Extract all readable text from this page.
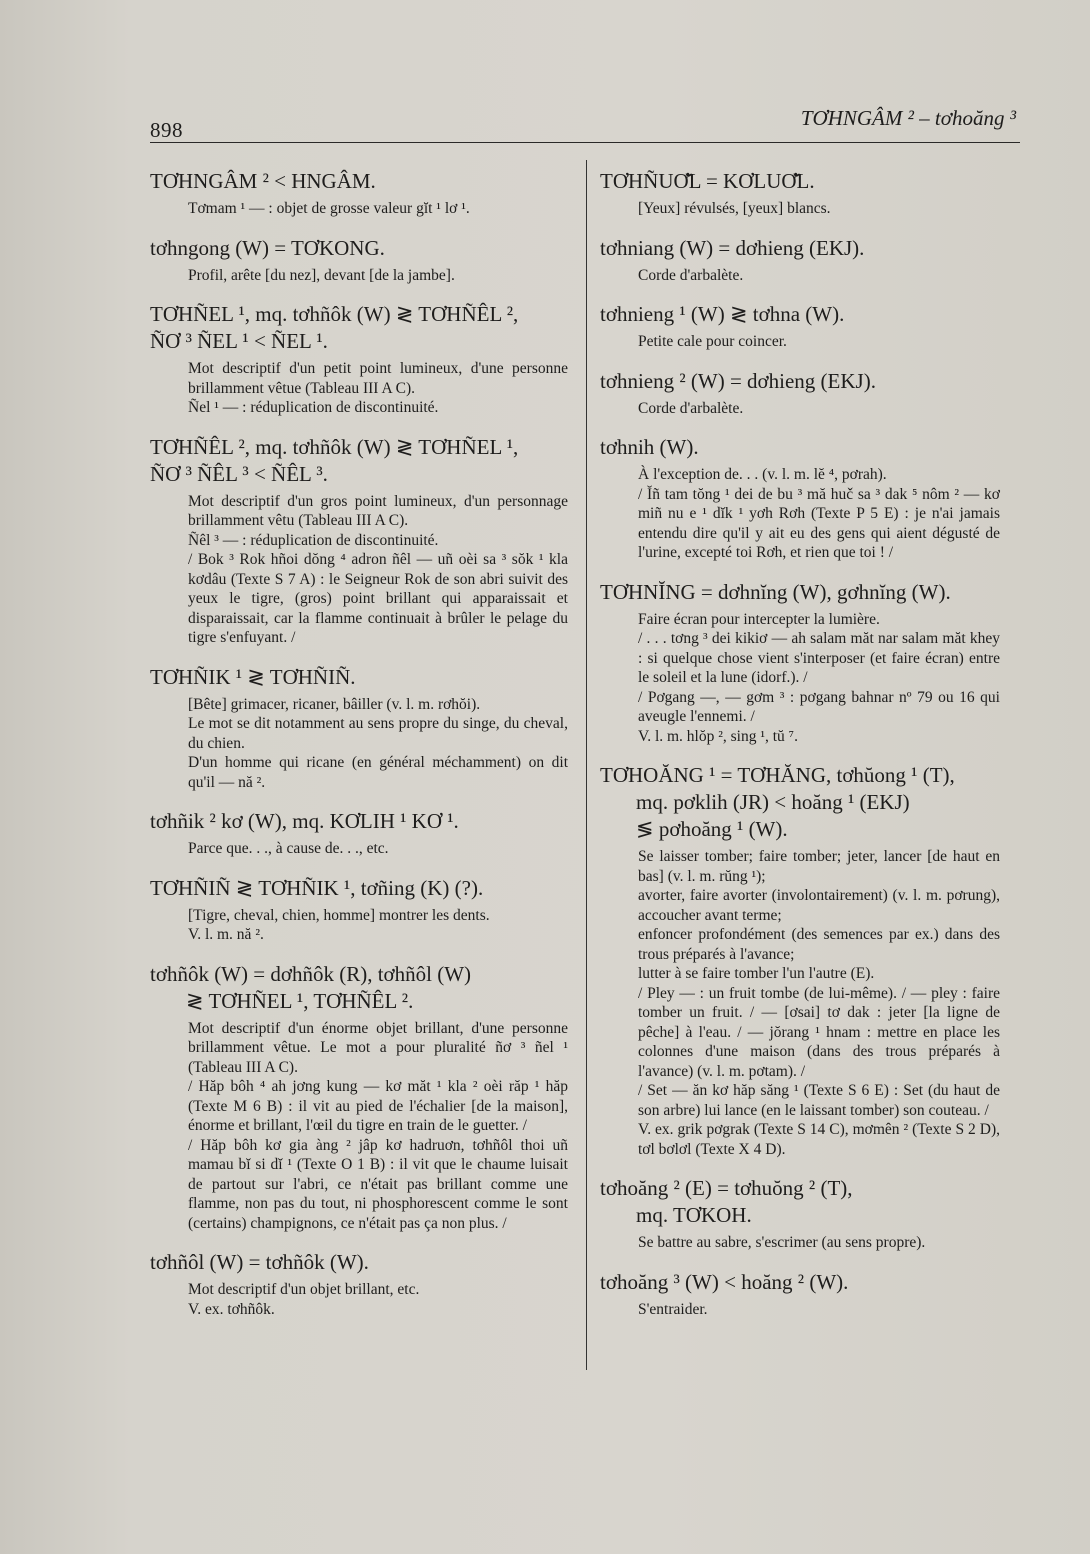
898	TƠHNGÂM ² – tơhoăng ³

TƠHNGÂM ² < HNGÂM.

Tơmam ¹ — : objet de grosse valeur gĭt ¹ lơ ¹.

tơhngong (W) = TƠKONG.

Profil, arête [du nez], devant [de la jambe].

TƠHÑEL ¹, mq. tơhñôk (W) ≷ TƠHÑÊL ²,

ÑƠ ³ ÑEL ¹ < ÑEL ¹.

Mot descriptif d'un petit point lumineux, d'une personne brillamment vêtue (Tableau III A C).

Ñel ¹ — : réduplication de discontinuité.

TƠHÑÊL ², mq. tơhñôk (W) ≷ TƠHÑEL ¹,

ÑƠ ³ ÑÊL ³ < ÑÊL ³.

Mot descriptif d'un gros point lumineux, d'un personnage brillamment vêtu (Tableau III A C).

Ñêl ³ — : réduplication de discontinuité.

/ Bok ³ Rok hñoi dŏng ⁴ adron ñêl — uñ oèi sa ³ sŏk ¹ kla kơdâu (Texte S 7 A) : le Seigneur Rok de son abri suivit des yeux le tigre, (gros) point brillant qui apparaissait et disparaissait, car la flamme continuait à brûler le pelage du tigre s'enfuyant. /

TƠHÑIK ¹ ≷ TƠHÑIÑ.

[Bête] grimacer, ricaner, bâiller (v. l. m. rơhŏi).

Le mot se dit notamment au sens propre du singe, du cheval, du chien.

D'un homme qui ricane (en général méchamment) on dit qu'il — nă ².

tơhñik ² kơ (W), mq. KƠLIH ¹ KƠ ¹.

Parce que. . ., à cause de. . ., etc.

TƠHÑIÑ ≷ TƠHÑIK ¹, tơñing (K) (?).

[Tigre, cheval, chien, homme] montrer les dents.

V. l. m. nă ².

tơhñôk (W) = dơhñôk (R), tơhñôl (W)

≷ TƠHÑEL ¹, TƠHÑÊL ².

Mot descriptif d'un énorme objet brillant, d'une personne brillamment vêtue. Le mot a pour pluralité ñơ ³ ñel ¹ (Tableau III A C).

/ Hăp bôh ⁴ ah jơng kung — kơ măt ¹ kla ² oèi răp ¹ hăp (Texte M 6 B) : il vit au pied de l'échalier [de la maison], énorme et brillant, l'œil du tigre en train de le guetter. /

/ Hăp bôh kơ gia àng ² jâp kơ hadruơn, tơhñôl thoi uñ mamau bĭ si dĭ ¹ (Texte O 1 B) : il vit que le chaume luisait de partout sur l'abri, ce n'était pas brillant comme une flamme, non pas du tout, ni phosphorescent comme le sont (certains) champignons, ce n'était pas ça non plus. /

tơhñôl (W) = tơhñôk (W).

Mot descriptif d'un objet brillant, etc.

V. ex. tơhñôk.

TƠHÑUƠ̆L = KƠLUƠ̆L.

[Yeux] révulsés, [yeux] blancs.

tơhniang (W) = dơhieng (EKJ).

Corde d'arbalète.

tơhnieng ¹ (W) ≷ tơhna (W).

Petite cale pour coincer.

tơhnieng ² (W) = dơhieng (EKJ).

Corde d'arbalète.

tơhnih (W).

À l'exception de. . . (v. l. m. lĕ ⁴, pơrah).

/ Ĭñ tam tŏng ¹ dei de bu ³ mă huč sa ³ dak ⁵ nôm ² — kơ miñ nu e ¹ dĭk ¹ yơh Rơh (Texte P 5 E) : je n'ai jamais entendu dire qu'il y ait eu des gens qui aient dégusté de l'urine, excepté toi Rơh, et rien que toi ! /

TƠHNĬNG = dơhnĭng (W), gơhnĭng (W).

Faire écran pour intercepter la lumière.

/ . . . tơng ³ dei kikiơ — ah salam măt nar salam măt khey : si quelque chose vient s'interposer (et faire écran) entre le soleil et la lune (idorf.). /

/ Pơgang —, — gơm ³ : pơgang bahnar nº 79 ou 16 qui aveugle l'ennemi. /

V. l. m. hlŏp ², sing ¹, tŭ ⁷.

TƠHOĂNG ¹ = TƠHĂNG, tơhŭong ¹ (T),

mq. pơklih (JR) < hoăng ¹ (EKJ)

≶ pơhoăng ¹ (W).

Se laisser tomber; faire tomber; jeter, lancer [de haut en bas] (v. l. m. rŭng ¹);

avorter, faire avorter (involontairement) (v. l. m. pơrung), accoucher avant terme;

enfoncer profondément (des semences par ex.) dans des trous préparés à l'avance;

lutter à se faire tomber l'un l'autre (E).

/ Pley — : un fruit tombe (de lui-même). / — pley : faire tomber un fruit. / — [ơsai] tơ dak : jeter [la ligne de pêche] à l'eau. / — jŏrang ¹ hnam : mettre en place les colonnes d'une maison (dans des trous préparés à l'avance) (v. l. m. pơtam). /

/ Set — ăn kơ hăp săng ¹ (Texte S 6 E) : Set (du haut de son arbre) lui lance (en le laissant tomber) son couteau. /

V. ex. grik pơgrak (Texte S 14 C), mơmên ² (Texte S 2 D), tơl bơlơl (Texte X 4 D).

tơhoăng ² (E) = tơhuŏng ² (T),

mq. TƠKOH.

Se battre au sabre, s'escrimer (au sens propre).

tơhoăng ³ (W) < hoăng ² (W).

S'entraider.
